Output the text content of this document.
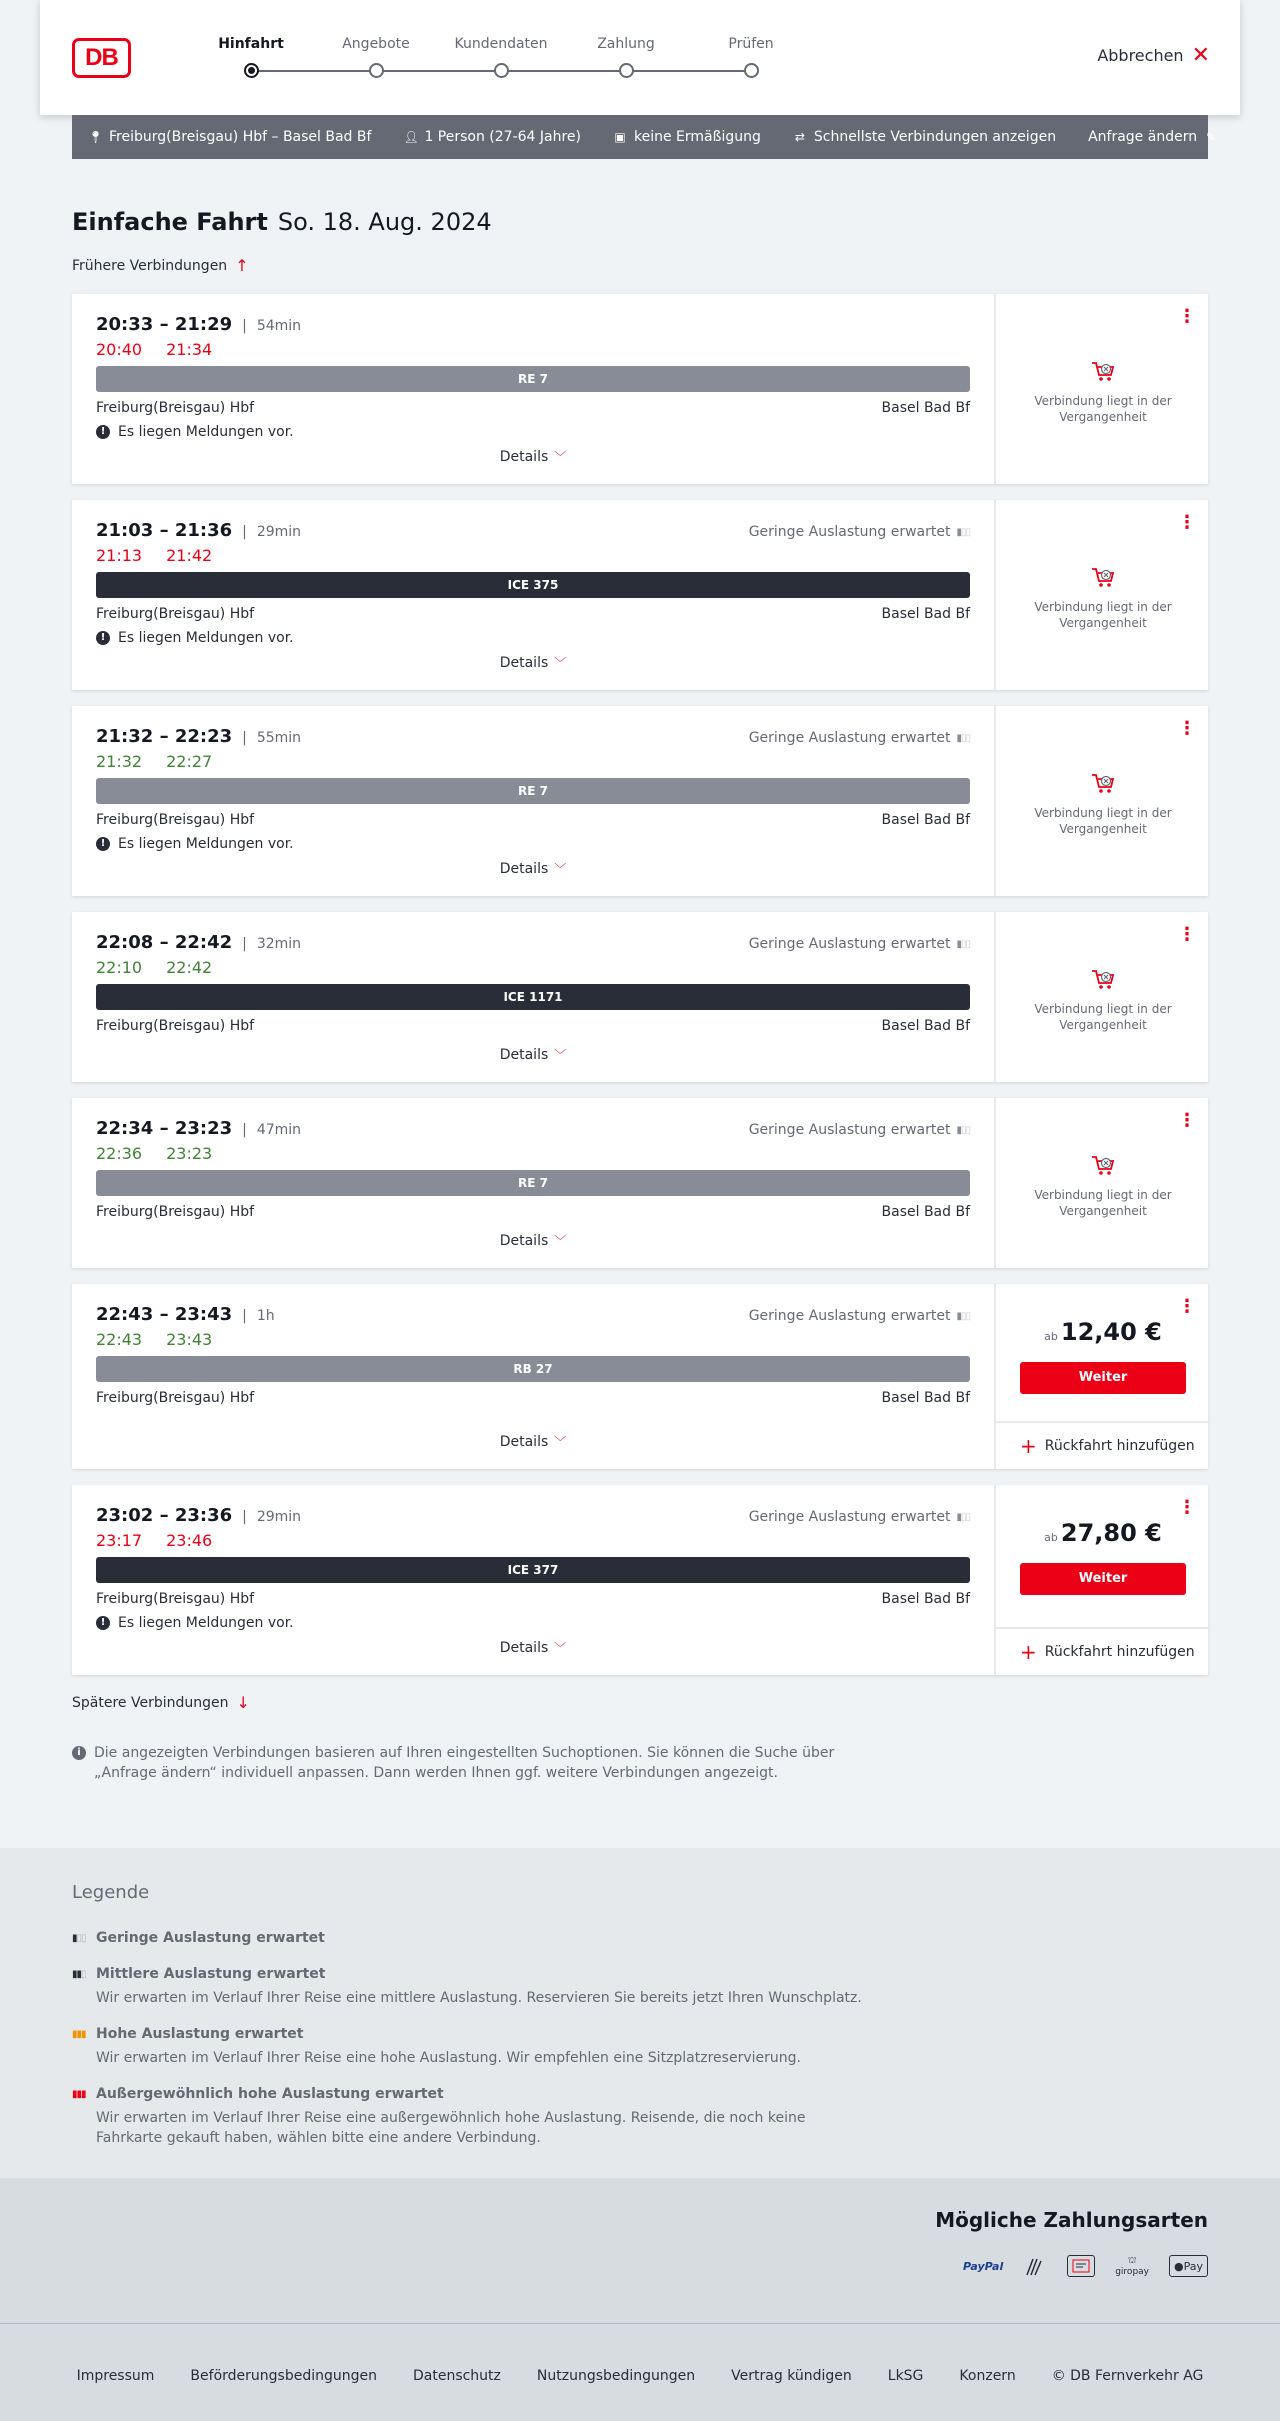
DB	Hinfahrt	Angebote	Kundendaten	Zahlung	Prüfen
Abbrechen ✕
📍︎ Freiburg(Breisgau) Hbf – Basel Bad Bf	👤︎ 1 Person (27-64 Jahre)	▣ keine Ermäßigung	⇄ Schnellste Verbindungen anzeigen Anfrage ändern ✎
Einfache Fahrt So. 18. Aug. 2024
Frühere Verbindungen ↑
20:33 – 21:29 | 54min
20:40 21:34
RE 7
Freiburg(Breisgau) Hbf	Basel Bad Bf
! Es liegen Meldungen vor.
Details ﹀
⋮
Verbindung liegt in der Vergangenheit
21:03 – 21:36 | 29min
21:13 21:42
Geringe Auslastung erwartet ▮▯▯
ICE 375
Freiburg(Breisgau) Hbf	Basel Bad Bf
! Es liegen Meldungen vor.
Details ﹀
⋮
Verbindung liegt in der Vergangenheit
21:32 – 22:23 | 55min
21:32 22:27
Geringe Auslastung erwartet ▮▯▯
RE 7
Freiburg(Breisgau) Hbf	Basel Bad Bf
! Es liegen Meldungen vor.
Details ﹀
⋮
Verbindung liegt in der Vergangenheit
22:08 – 22:42 | 32min
22:10 22:42
Geringe Auslastung erwartet ▮▯▯
ICE 1171
Freiburg(Breisgau) Hbf	Basel Bad Bf
Details ﹀
⋮
Verbindung liegt in der Vergangenheit
22:34 – 23:23 | 47min
22:36 23:23
Geringe Auslastung erwartet ▮▯▯
RE 7
Freiburg(Breisgau) Hbf	Basel Bad Bf
Details ﹀
⋮
Verbindung liegt in der Vergangenheit
22:43 – 23:43 | 1h
22:43 23:43
Geringe Auslastung erwartet ▮▯▯
RB 27
Freiburg(Breisgau) Hbf	Basel Bad Bf
Details ﹀
⋮
ab 12,40 €
Weiter
+ Rückfahrt hinzufügen
23:02 – 23:36 | 29min
23:17 23:46
Geringe Auslastung erwartet ▮▯▯
ICE 377
Freiburg(Breisgau) Hbf	Basel Bad Bf
! Es liegen Meldungen vor.
Details ﹀
⋮
ab 27,80 €
Weiter
+ Rückfahrt hinzufügen
Spätere Verbindungen ↓
i Die angezeigten Verbindungen basieren auf Ihren eingestellten Suchoptionen. Sie können die Suche über „Anfrage ändern“ individuell anpassen. Dann werden Ihnen ggf. weitere Verbindungen angezeigt.
Legende
▮▯▯ Geringe Auslastung erwartet
▮▮▯ Mittlere Auslastung erwartet
Wir erwarten im Verlauf Ihrer Reise eine mittlere Auslastung. Reservieren Sie bereits jetzt Ihren Wunschplatz.
▮▮▮ Hohe Auslastung erwartet
Wir erwarten im Verlauf Ihrer Reise eine hohe Auslastung. Wir empfehlen eine Sitzplatzreservierung.
▮▮▮ Außergewöhnlich hohe Auslastung erwartet
Wir erwarten im Verlauf Ihrer Reise eine außergewöhnlich hohe Auslastung. Reisende, die noch keine Fahrkarte gekauft haben, wählen bitte eine andere Verbindung.
Mögliche Zahlungsarten
PayPal	⛫
giropay ● Pay
Impressum	Beförderungsbedingungen	Datenschutz	Nutzungsbedingungen	Vertrag kündigen	LkSG	Konzern	© DB Fernverkehr AG
